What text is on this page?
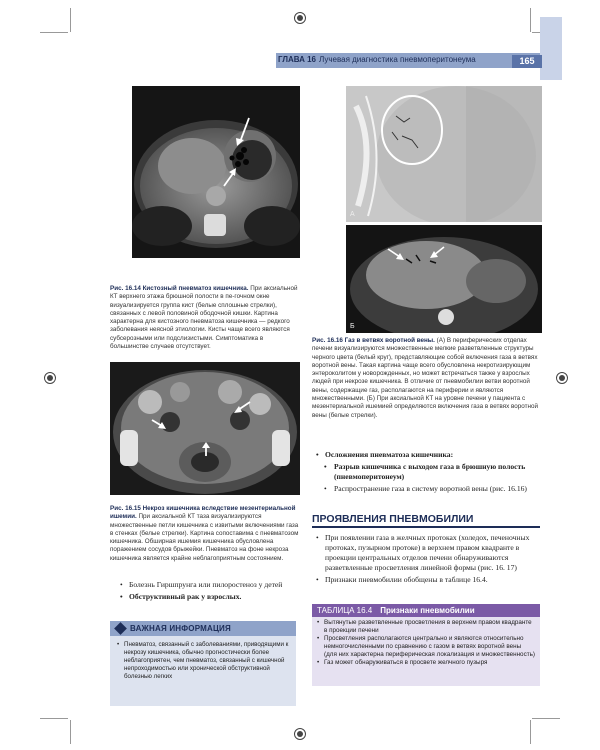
ГЛАВА 16 Лучевая диагностика пневмоперитонеума	165
Рис. 16.14 Кистозный пневматоз кишечника. При аксиальной КТ верхнего этажа брюшной полости в пе-гочном окне визуализируется группа кист (белые сплошные стрелки), связанных с левой половиной ободочной кишки. Картина характерна для кистозного пневматоза кишечника — редкого заболевания неясной этиологии. Кисты чаще всего являются субсерозными или подслизистыми. Симптоматика в большинстве случаев отсутствует.
Рис. 16.15 Некроз кишечника вследствие мезентериальной ишемии. При аксиальной КТ таза визуализируются множественные петли кишечника с извитыми включениями газа в стенках (белые стрелки). Картина сопоставима с пневматозом кишечника. Обширная ишемия кишечника обусловлена поражением сосудов брыжейки. Пневматоз на фоне некроза кишечника является крайне неблагоприятным состоянием.
• Болезнь Гиршпрунга или пилоростеноз у детей
• Обструктивный рак у взрослых.
ВАЖНАЯ ИНФОРМАЦИЯ
• Пневматоз, связанный с заболеваниями, приводящими к некрозу кишечника, обычно прогностически более неблагоприятен, чем пневматоз, связанный с кишечной непроходимостью или хронической обструктивной болезнью легких
А
Б
Рис. 16.16 Газ в ветвях воротной вены. (А) В периферических отделах печени визуализируются множественные мелкие разветвленные структуры черного цвета (белый круг), представляющие собой включения газа в ветвях воротной вены. Такая картина чаще всего обусловлена некротизирующим энтероколитом у новорожденных, но может встречаться также у взрослых людей при некрозе кишечника. В отличие от пневмобилии ветви воротной вены, содержащие газ, располагаются на периферии и являются множественными. (Б) При аксиальной КТ на уровне печени у пациента с мезентериальной ишемией определяются включения газа в ветвях воротной вены (белые стрелки).
• Осложнения пневматоза кишечника:
• Разрыв кишечника с выходом газа в брюшную полость (пневмоперитонеум)
• Распространение газа в систему воротной вены (рис. 16.16)
ПРОЯВЛЕНИЯ ПНЕВМОБИЛИИ
• При появлении газа в желчных протоках (холедох, печеночных протоках, пузырном протоке) в верхнем правом квадранте в проекции центральных отделов печени обнаруживаются разветвленные просветления линейной формы (рис. 16. 17)
• Признаки пневмобилии обобщены в таблице 16.4.
ТАБЛИЦА 16.4 Признаки пневмобилии
• Вытянутые разветвленные просветления в верхнем правом квадранте в проекции печени
• Просветления располагаются центрально и являются относительно немногочисленными по сравнению с газом в ветвях воротной вены (для них характерна периферическая локализация и множественность)
• Газ может обнаруживаться в просвете желчного пузыря
